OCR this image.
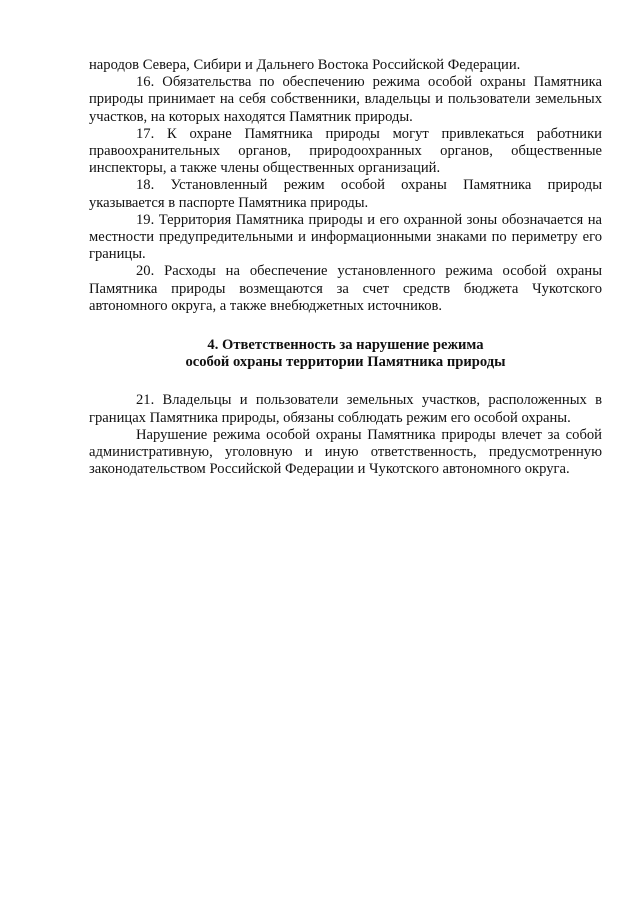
народов Севера, Сибири и Дальнего Востока Российской Федерации.

16. Обязательства по обеспечению режима особой охраны Памятника природы принимает на себя собственники, владельцы и пользователи земельных участков, на которых находятся Памятник природы.

17. К охране Памятника природы могут привлекаться работники правоохранительных органов, природоохранных органов, общественные инспекторы, а также члены общественных организаций.

18. Установленный режим особой охраны Памятника природы указывается в паспорте Памятника природы.

19. Территория Памятника природы и его охранной зоны обозначается на местности предупредительными и информационными знаками по периметру его границы.

20. Расходы на обеспечение установленного режима особой охраны Памятника природы возмещаются за счет средств бюджета Чукотского автономного округа, а также внебюджетных источников.

4. Ответственность за нарушение режима
особой охраны территории Памятника природы

21. Владельцы и пользователи земельных участков, расположенных в границах Памятника природы, обязаны соблюдать режим его особой охраны.

Нарушение режима особой охраны Памятника природы влечет за собой административную, уголовную и иную ответственность, предусмотренную законодательством Российской Федерации и Чукотского автономного округа.
